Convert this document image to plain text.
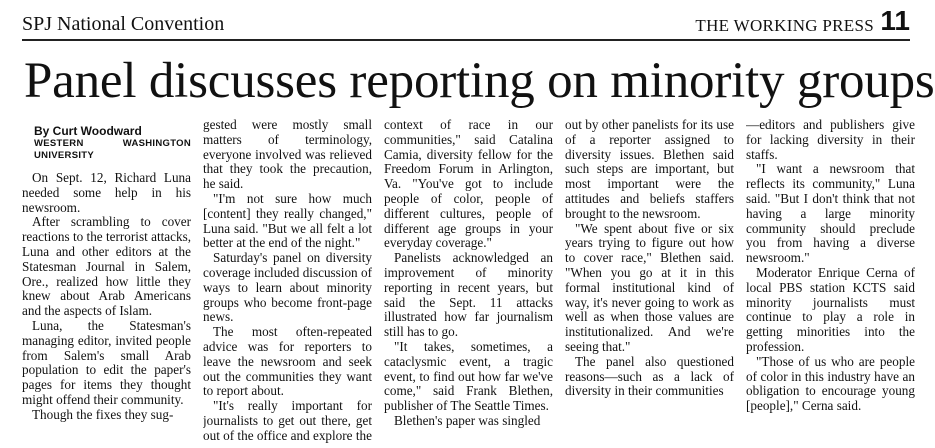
SPJ National Convention	THE WORKING PRESS 11
Panel discusses reporting on minority groups
By Curt Woodward
WESTERN WASHINGTON UNIVERSITY

On Sept. 12, Richard Luna needed some help in his newsroom.

After scrambling to cover reactions to the terrorist attacks, Luna and other editors at the Statesman Journal in Salem, Ore., realized how little they knew about Arab Americans and the aspects of Islam.

Luna, the Statesman's managing editor, invited people from Salem's small Arab population to edit the paper's pages for items they thought might offend their community.

Though the fixes they sug-

gested were mostly small matters of terminology, everyone involved was relieved that they took the precaution, he said.

"I'm not sure how much [content] they really changed," Luna said. "But we all felt a lot better at the end of the night."

Saturday's panel on diversity coverage included discussion of ways to learn about minority groups who become front-page news.

The most often-repeated advice was for reporters to leave the newsroom and seek out the communities they want to report about.

"It's really important for journalists to get out there, get out of the office and explore the

context of race in our communities," said Catalina Camia, diversity fellow for the Freedom Forum in Arlington, Va. "You've got to include people of color, people of different cultures, people of different age groups in your everyday coverage."

Panelists acknowledged an improvement of minority reporting in recent years, but said the Sept. 11 attacks illustrated how far journalism still has to go.

"It takes, sometimes, a cataclysmic event, a tragic event, to find out how far we've come," said Frank Blethen, publisher of The Seattle Times.

Blethen's paper was singled

out by other panelists for its use of a reporter assigned to diversity issues. Blethen said such steps are important, but most important were the attitudes and beliefs staffers brought to the newsroom.

"We spent about five or six years trying to figure out how to cover race," Blethen said. "When you go at it in this formal institutional kind of way, it's never going to work as well as when those values are institutionalized. And we're seeing that."

The panel also questioned reasons—such as a lack of diversity in their communities

—editors and publishers give for lacking diversity in their staffs.

"I want a newsroom that reflects its community," Luna said. "But I don't think that not having a large minority community should preclude you from having a diverse newsroom."

Moderator Enrique Cerna of local PBS station KCTS said minority journalists must continue to play a role in getting minorities into the profession.

"Those of us who are people of color in this industry have an obligation to encourage young [people]," Cerna said.
